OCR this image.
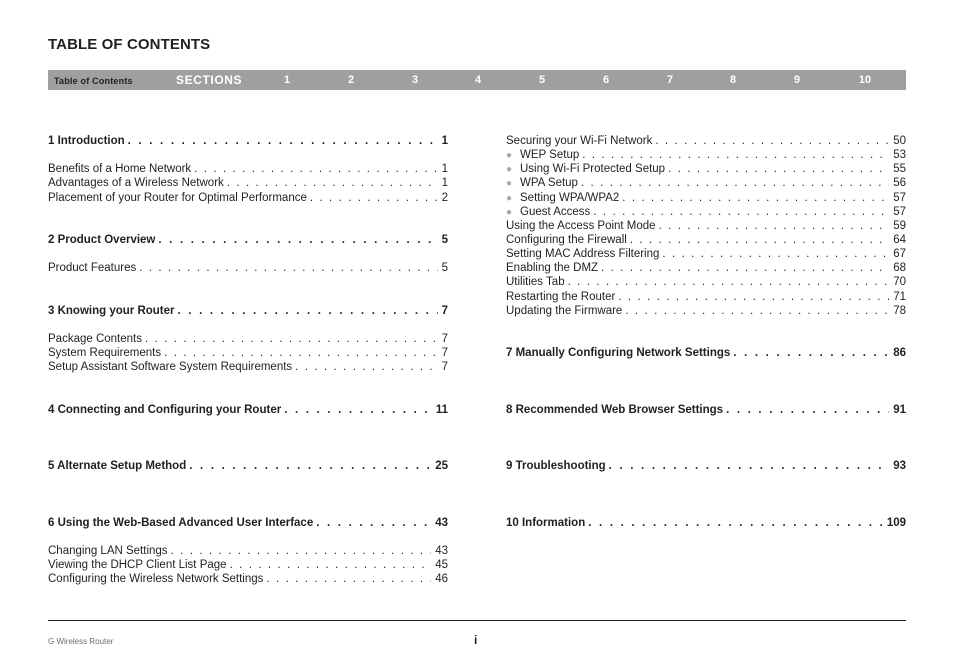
TABLE OF CONTENTS
Table of Contents	SECTIONS	1	2	3	4	5	6	7	8	9	10
1 Introduction . . .	1
Benefits of a Home Network . . .	1
Advantages of a Wireless Network . . .	1
Placement of your Router for Optimal Performance . . .	2
2 Product Overview . . .	5
Product Features . . .	5
3 Knowing your Router . . .	7
Package Contents . . .	7
System Requirements . . .	7
Setup Assistant Software System Requirements . . .	7
4 Connecting and Configuring your Router . . .	11
5 Alternate Setup Method . . .	25
6 Using the Web-Based Advanced User Interface . . .	43
Changing LAN Settings . . .	43
Viewing the DHCP Client List Page . . .	45
Configuring the Wireless Network Settings . . .	46
Securing your Wi-Fi Network . . .	50
● WEP Setup . . .	53
● Using Wi-Fi Protected Setup . . .	55
● WPA Setup . . .	56
● Setting WPA/WPA2 . . .	57
● Guest Access . . .	57
Using the Access Point Mode . . .	59
Configuring the Firewall . . .	64
Setting MAC Address Filtering . . .	67
Enabling the DMZ . . .	68
Utilities Tab . . .	70
Restarting the Router . . .	71
Updating the Firmware . . .	78
7 Manually Configuring Network Settings . . .	86
8 Recommended Web Browser Settings . . .	91
9 Troubleshooting . . .	93
10 Information . . .	109
G Wireless Router	i
